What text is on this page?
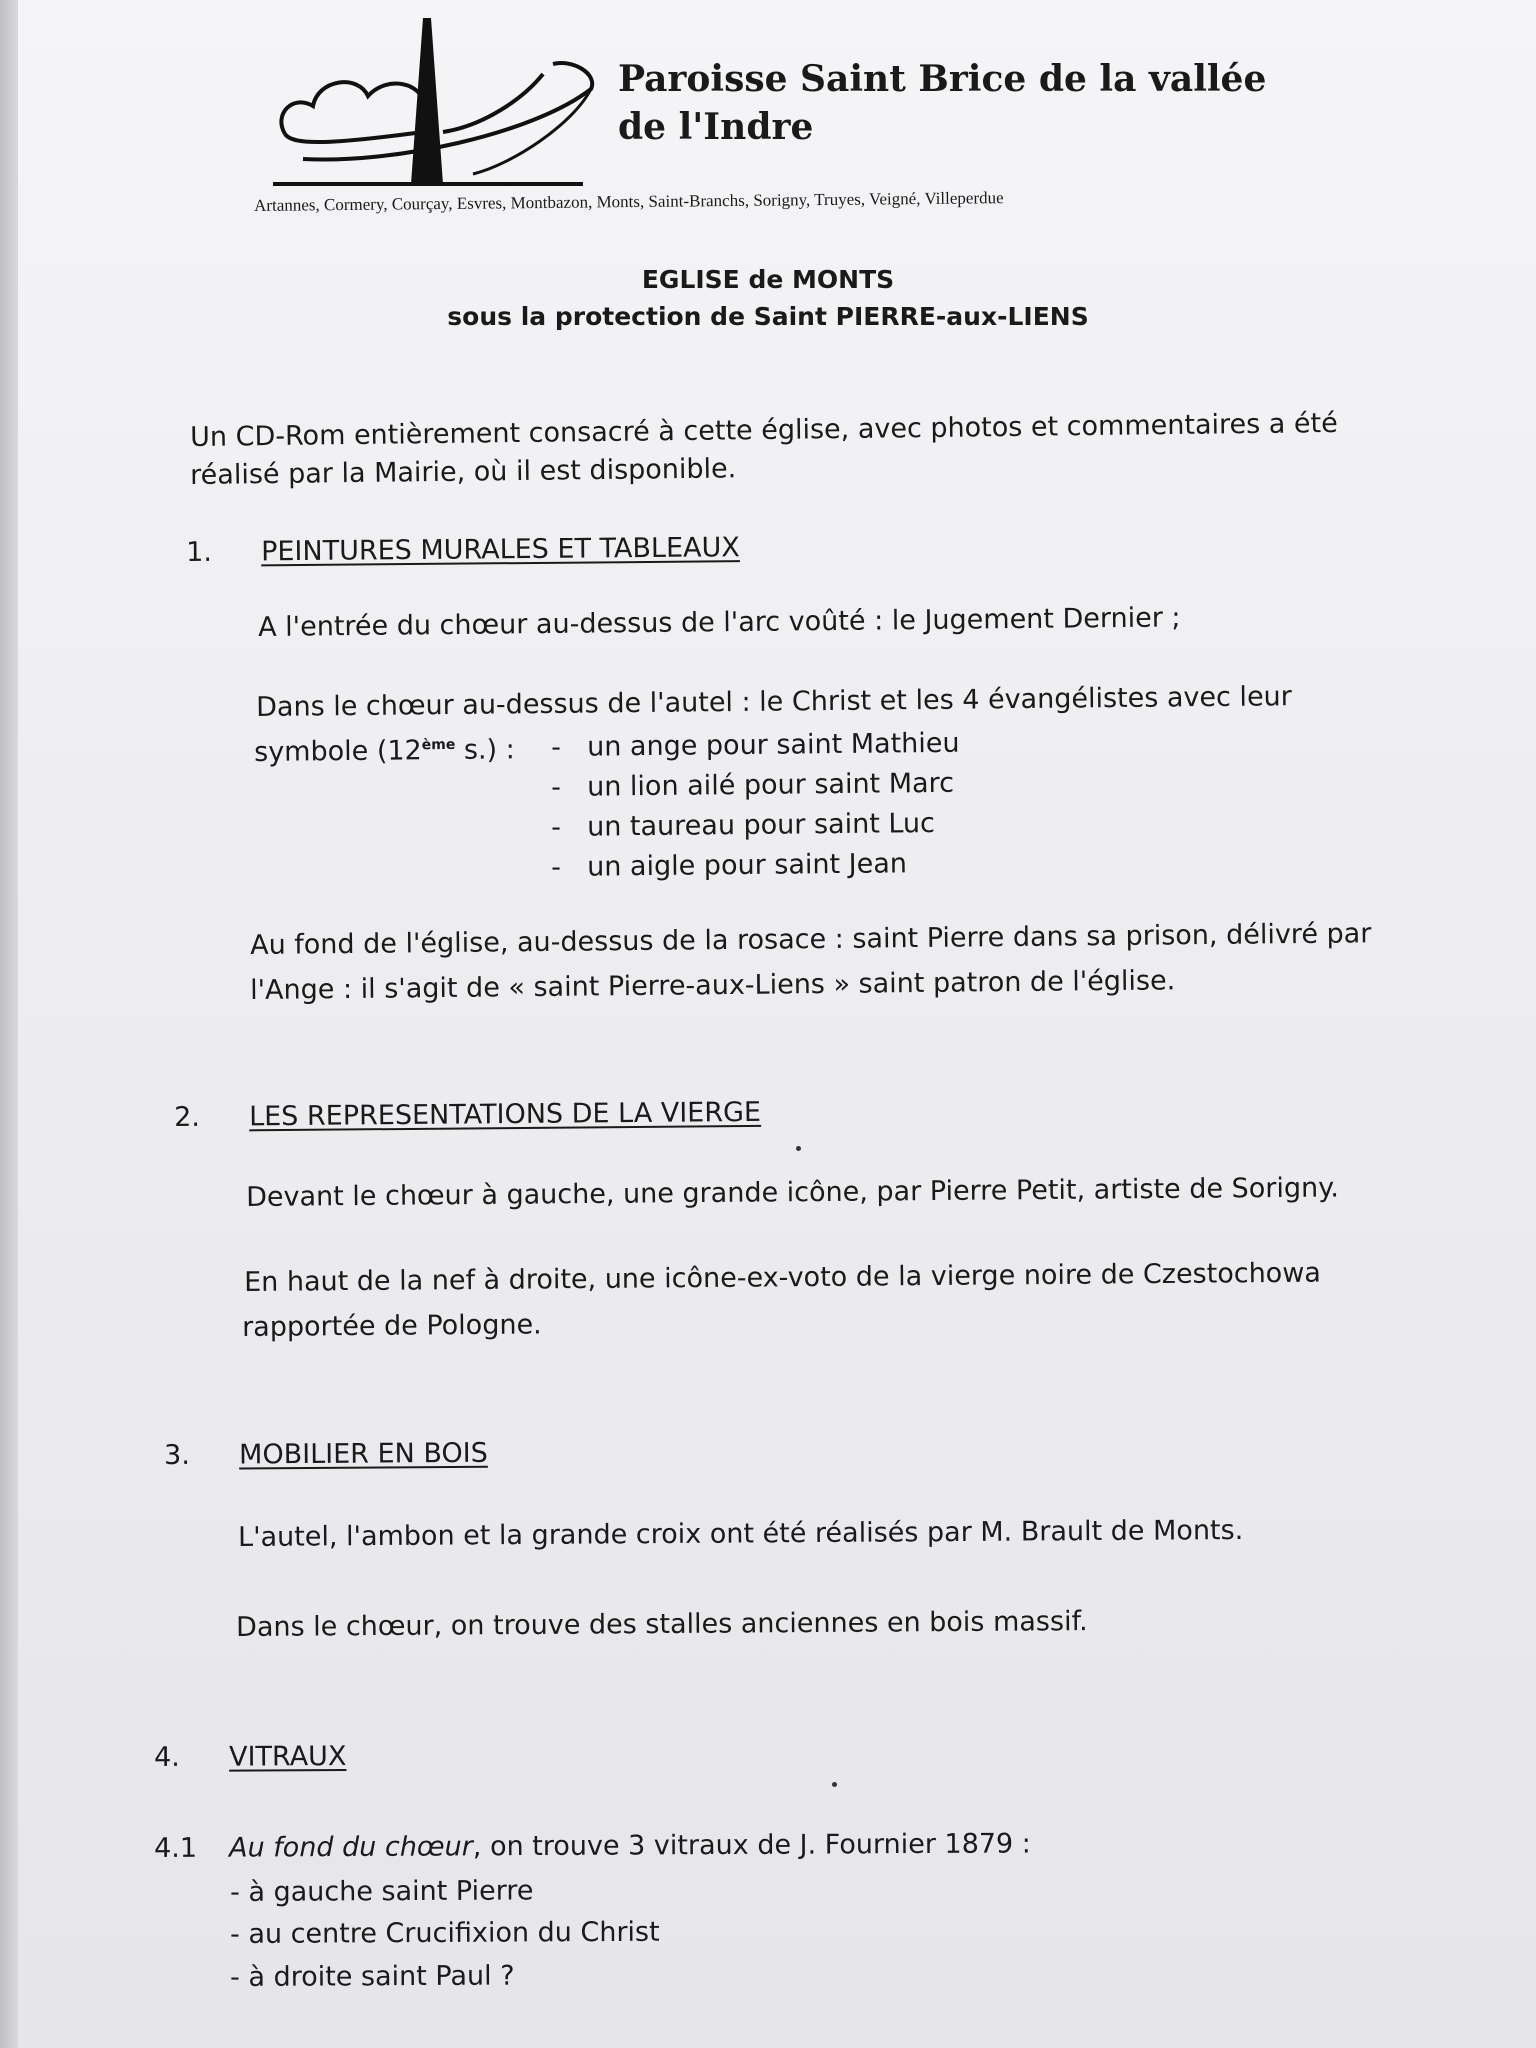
Paroisse Saint Brice de la vallée
de l'Indre
Artannes, Cormery, Courçay, Esvres, Montbazon, Monts, Saint-Branchs, Sorigny, Truyes, Veigné, Villeperdue
EGLISE de MONTS
sous la protection de Saint PIERRE-aux-LIENS
Un CD-Rom entièrement consacré à cette église, avec photos et commentaires a été
réalisé par la Mairie, où il est disponible.
1. PEINTURES MURALES ET TABLEAUX
A l'entrée du chœur au-dessus de l'arc voûté : le Jugement Dernier ;
Dans le chœur au-dessus de l'autel : le Christ et les 4 évangélistes avec leur
symbole (12ème s.) : - un ange pour saint Mathieu
- un lion ailé pour saint Marc
- un taureau pour saint Luc
- un aigle pour saint Jean
Au fond de l'église, au-dessus de la rosace : saint Pierre dans sa prison, délivré par
l'Ange : il s'agit de « saint Pierre-aux-Liens » saint patron de l'église.
2. LES REPRESENTATIONS DE LA VIERGE
Devant le chœur à gauche, une grande icône, par Pierre Petit, artiste de Sorigny.
En haut de la nef à droite, une icône-ex-voto de la vierge noire de Czestochowa
rapportée de Pologne.
3. MOBILIER EN BOIS
L'autel, l'ambon et la grande croix ont été réalisés par M. Brault de Monts.
Dans le chœur, on trouve des stalles anciennes en bois massif.
4. VITRAUX
4.1 Au fond du chœur, on trouve 3 vitraux de J. Fournier 1879 :
- à gauche saint Pierre
- au centre Crucifixion du Christ
- à droite saint Paul ?
